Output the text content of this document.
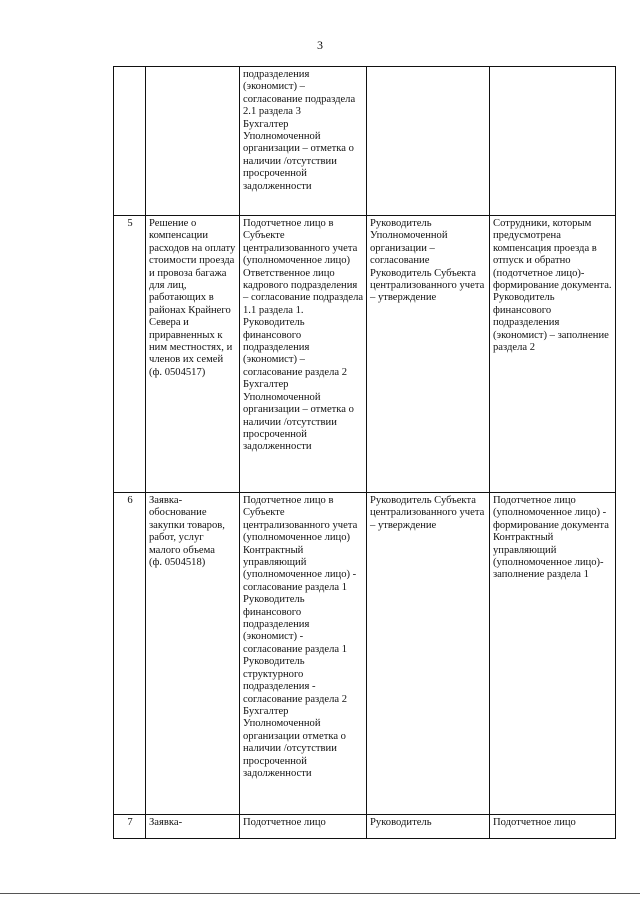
3
		подразделения
(экономист) –
согласование подраздела 2.1 раздела 3
Бухгалтер Уполномоченной организации – отметка о наличии /отсутствии просроченной задолженности		
5	Решение о компенсации расходов на оплату стоимости проезда и провоза багажа для лиц, работающих в районах Крайнего Севера и приравненных к ним местностях, и членов их семей
(ф. 0504517)	Подотчетное лицо в Субъекте централизованного учета (уполномоченное лицо)
Ответственное лицо кадрового подразделения – согласование подраздела 1.1 раздела 1.
Руководитель финансового подразделения (экономист) – согласование раздела 2
Бухгалтер Уполномоченной организации – отметка о наличии /отсутствии просроченной задолженности	Руководитель Уполномоченной организации – согласование
Руководитель Субъекта централизованного учета – утверждение	Сотрудники, которым предусмотрена компенсация проезда в отпуск и обратно (подотчетное лицо)- формирование документа.
Руководитель финансового подразделения (экономист) – заполнение раздела 2
6	Заявка-обоснование закупки товаров, работ, услуг малого объема
(ф. 0504518)	Подотчетное лицо в Субъекте централизованного учета (уполномоченное лицо)
Контрактный управляющий (уполномоченное лицо) - согласование раздела 1
Руководитель финансового подразделения (экономист) - согласование раздела 1
Руководитель структурного подразделения - согласование раздела 2
Бухгалтер Уполномоченной организации отметка о наличии /отсутствии просроченной задолженности	Руководитель Субъекта централизованного учета – утверждение	Подотчетное лицо (уполномоченное лицо) - формирование документа
Контрактный управляющий (уполномоченное лицо)- заполнение раздела 1
7	Заявка-	Подотчетное лицо	Руководитель	Подотчетное лицо
